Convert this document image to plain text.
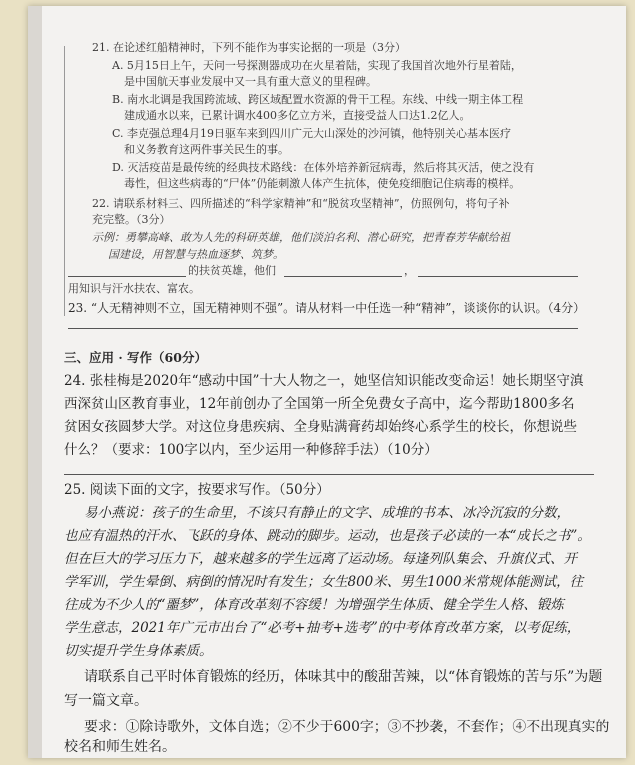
21. 在论述红船精神时，下列不能作为事实论据的一项是（3分）
A. 5月15日上午，天问一号探测器成功在火星着陆，实现了我国首次地外行星着陆，
是中国航天事业发展中又一具有重大意义的里程碑。
B. 南水北调是我国跨流域、跨区域配置水资源的骨干工程。东线、中线一期主体工程
建成通水以来，已累计调水400多亿立方米，直接受益人口达1.2亿人。
C. 李克强总理4月19日驱车来到四川广元大山深处的沙河镇，他特别关心基本医疗
和义务教育这两件事关民生的事。
D. 灭活疫苗是最传统的经典技术路线：在体外培养新冠病毒，然后将其灭活，使之没有
毒性，但这些病毒的“尸体”仍能刺激人体产生抗体，使免疫细胞记住病毒的模样。
22. 请联系材料三、四所描述的“科学家精神”和“脱贫攻坚精神”，仿照例句，将句子补
充完整。（3分）
示例：勇攀高峰、敢为人先的科研英雄，他们淡泊名利、潜心研究，把青春芳华献给祖
国建设，用智慧与热血逐梦、筑梦。
的扶贫英雄，他们	，
用知识与汗水扶农、富农。
23. “人无精神则不立，国无精神则不强”。请从材料一中任选一种“精神”，谈谈你的认识。（4分）
三、应用 · 写作（60分）
24. 张桂梅是2020年“感动中国”十大人物之一，她坚信知识能改变命运！她长期坚守滇
西深贫山区教育事业，12年前创办了全国第一所全免费女子高中，迄今帮助1800多名
贫困女孩圆梦大学。对这位身患疾病、全身贴满膏药却始终心系学生的校长，你想说些
什么？（要求：100字以内，至少运用一种修辞手法）（10分）
25. 阅读下面的文字，按要求写作。（50分）
易小燕说：孩子的生命里，不该只有静止的文字、成堆的书本、冰冷沉寂的分数，
也应有温热的汗水、飞跃的身体、跳动的脚步。运动，也是孩子必读的一本“成长之书”。
但在巨大的学习压力下，越来越多的学生远离了运动场。每逢列队集会、升旗仪式、开
学军训，学生晕倒、病倒的情况时有发生；女生800米、男生1000米常规体能测试，往
往成为不少人的“噩梦”，体育改革刻不容缓！为增强学生体质、健全学生人格、锻炼
学生意志，2021年广元市出台了“必考+抽考+选考”的中考体育改革方案，以考促练，
切实提升学生身体素质。
请联系自己平时体育锻炼的经历，体味其中的酸甜苦辣，以“体育锻炼的苦与乐”为题
写一篇文章。
要求：①除诗歌外，文体自选；②不少于600字；③不抄袭，不套作；④不出现真实的
校名和师生姓名。
